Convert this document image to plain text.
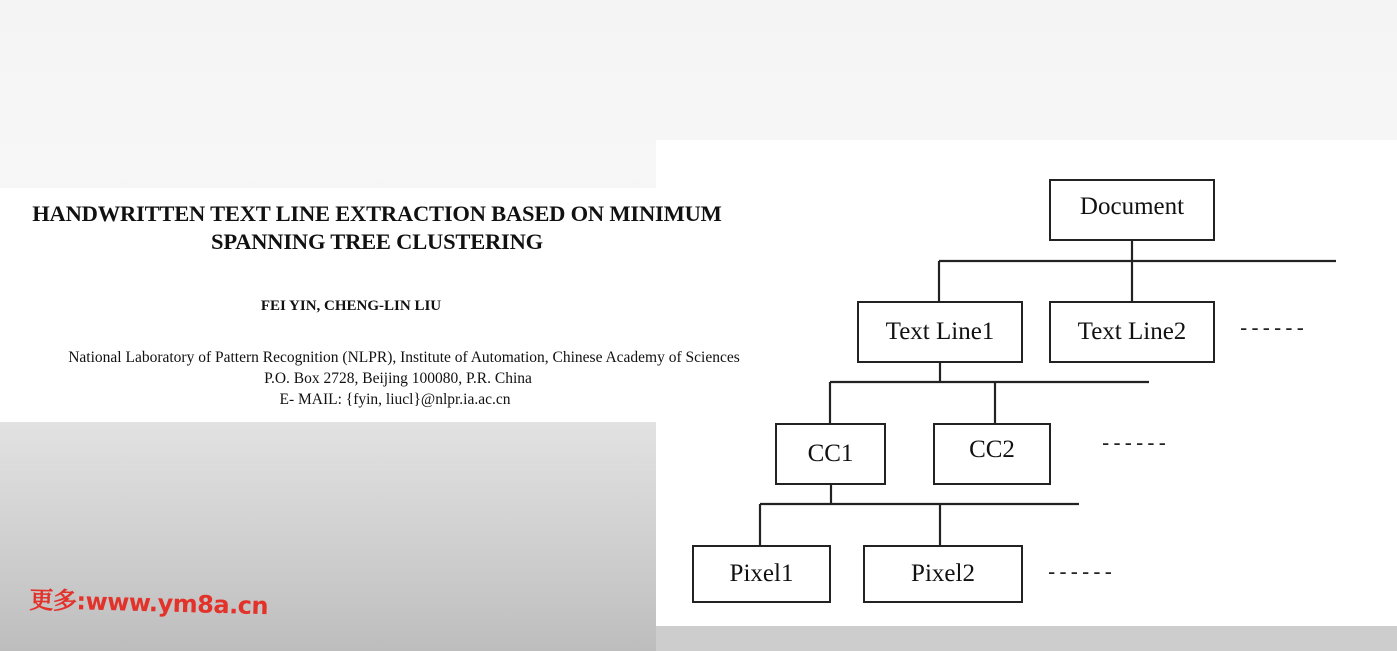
HANDWRITTEN TEXT LINE EXTRACTION BASED ON MINIMUM
SPANNING TREE CLUSTERING
FEI YIN, CHENG-LIN LIU
National Laboratory of Pattern Recognition (NLPR), Institute of Automation, Chinese Academy of Sciences
P.O. Box 2728, Beijing 100080, P.R. China
E- MAIL: {fyin, liucl}@nlpr.ia.ac.cn
Document
Text Line1	Text Line2	------
CC1	CC2	------
Pixel1	Pixel2	------
更多:www.ym8a.cn
